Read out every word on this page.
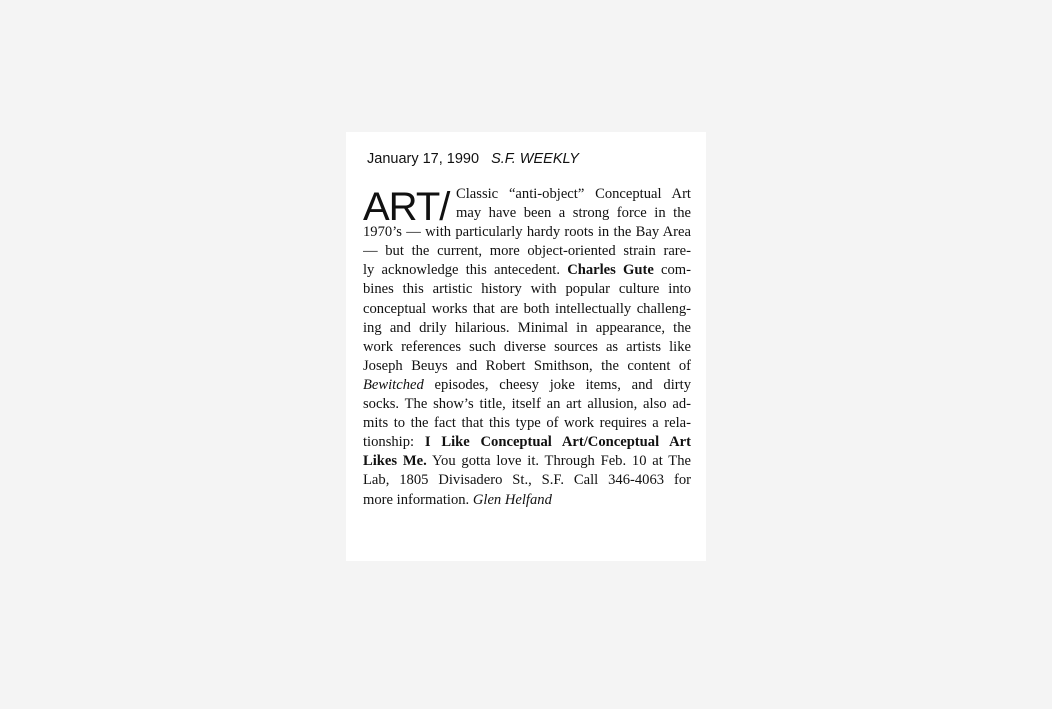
January 17, 1990 S.F. WEEKLY
ART/ Classic “anti-object” Conceptual Art
may have been a strong force in the
1970’s — with particularly hardy roots in the Bay Area
— but the current, more object-oriented strain rare-
ly acknowledge this antecedent. Charles Gute com-
bines this artistic history with popular culture into
conceptual works that are both intellectually challeng-
ing and drily hilarious. Minimal in appearance, the
work references such diverse sources as artists like
Joseph Beuys and Robert Smithson, the content of
Bewitched episodes, cheesy joke items, and dirty
socks. The show’s title, itself an art allusion, also ad-
mits to the fact that this type of work requires a rela-
tionship: I Like Conceptual Art/Conceptual Art
Likes Me. You gotta love it. Through Feb. 10 at The
Lab, 1805 Divisadero St., S.F. Call 346-4063 for
more information. Glen Helfand
